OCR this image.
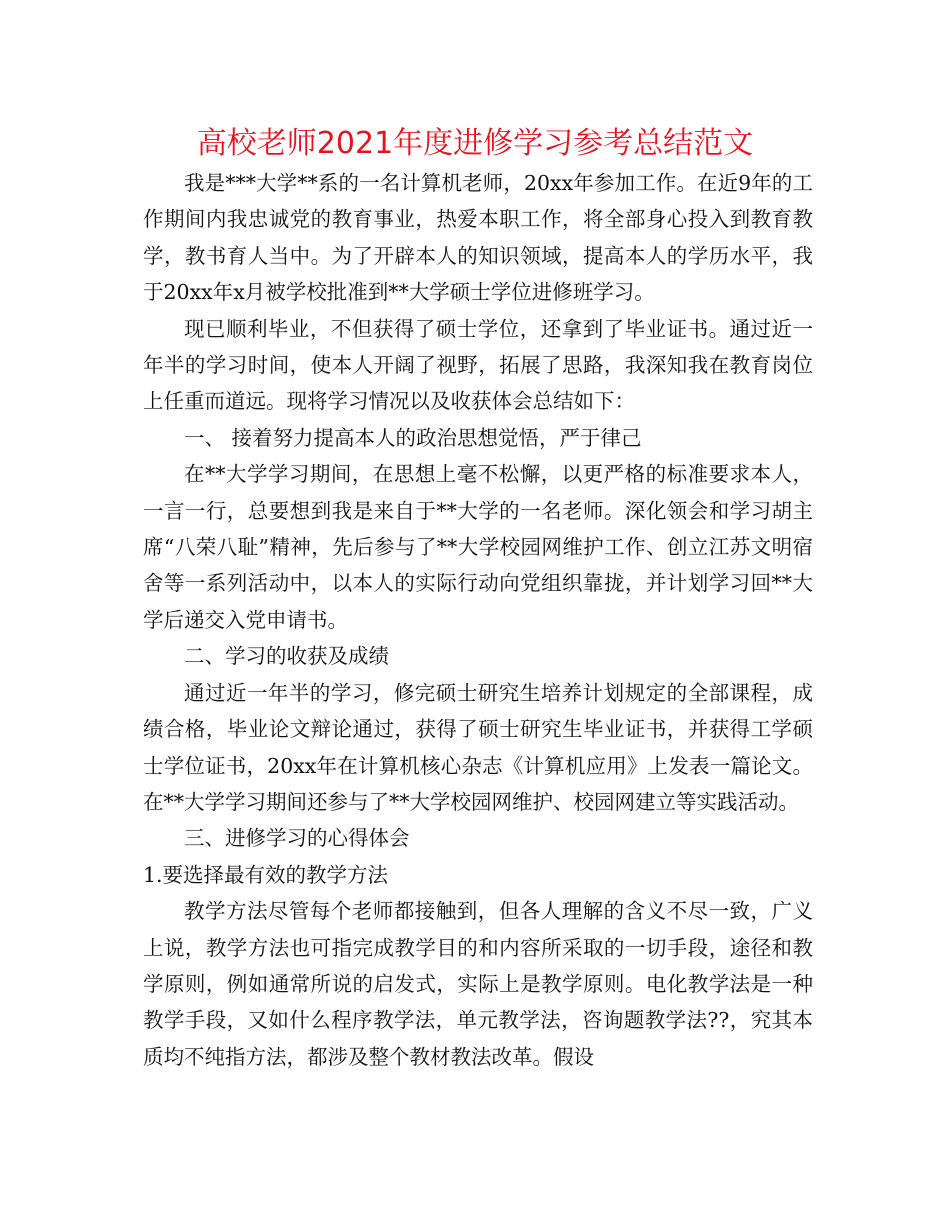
高校老师2021年度进修学习参考总结范文

我是***大学**系的一名计算机老师，20xx年参加工作。在近9年的工作期间内我忠诚党的教育事业，热爱本职工作，将全部身心投入到教育教学，教书育人当中。为了开辟本人的知识领域，提高本人的学历水平，我于20xx年x月被学校批准到**大学硕士学位进修班学习。

现已顺利毕业，不但获得了硕士学位，还拿到了毕业证书。通过近一年半的学习时间，使本人开阔了视野，拓展了思路，我深知我在教育岗位上任重而道远。现将学习情况以及收获体会总结如下：

一、 接着努力提高本人的政治思想觉悟，严于律己

在**大学学习期间，在思想上毫不松懈，以更严格的标准要求本人，一言一行，总要想到我是来自于**大学的一名老师。深化领会和学习胡主席“八荣八耻”精神，先后参与了**大学校园网维护工作、创立江苏文明宿舍等一系列活动中，以本人的实际行动向党组织靠拢，并计划学习回**大学后递交入党申请书。

二、学习的收获及成绩

通过近一年半的学习，修完硕士研究生培养计划规定的全部课程，成绩合格，毕业论文辩论通过，获得了硕士研究生毕业证书，并获得工学硕士学位证书，20xx年在计算机核心杂志《计算机应用》上发表一篇论文。在**大学学习期间还参与了**大学校园网维护、校园网建立等实践活动。

三、进修学习的心得体会

1.要选择最有效的教学方法

教学方法尽管每个老师都接触到，但各人理解的含义不尽一致，广义上说，教学方法也可指完成教学目的和内容所采取的一切手段，途径和教学原则，例如通常所说的启发式，实际上是教学原则。电化教学法是一种教学手段，又如什么程序教学法，单元教学法，咨询题教学法??，究其本质均不纯指方法，都涉及整个教材教法改革。假设
